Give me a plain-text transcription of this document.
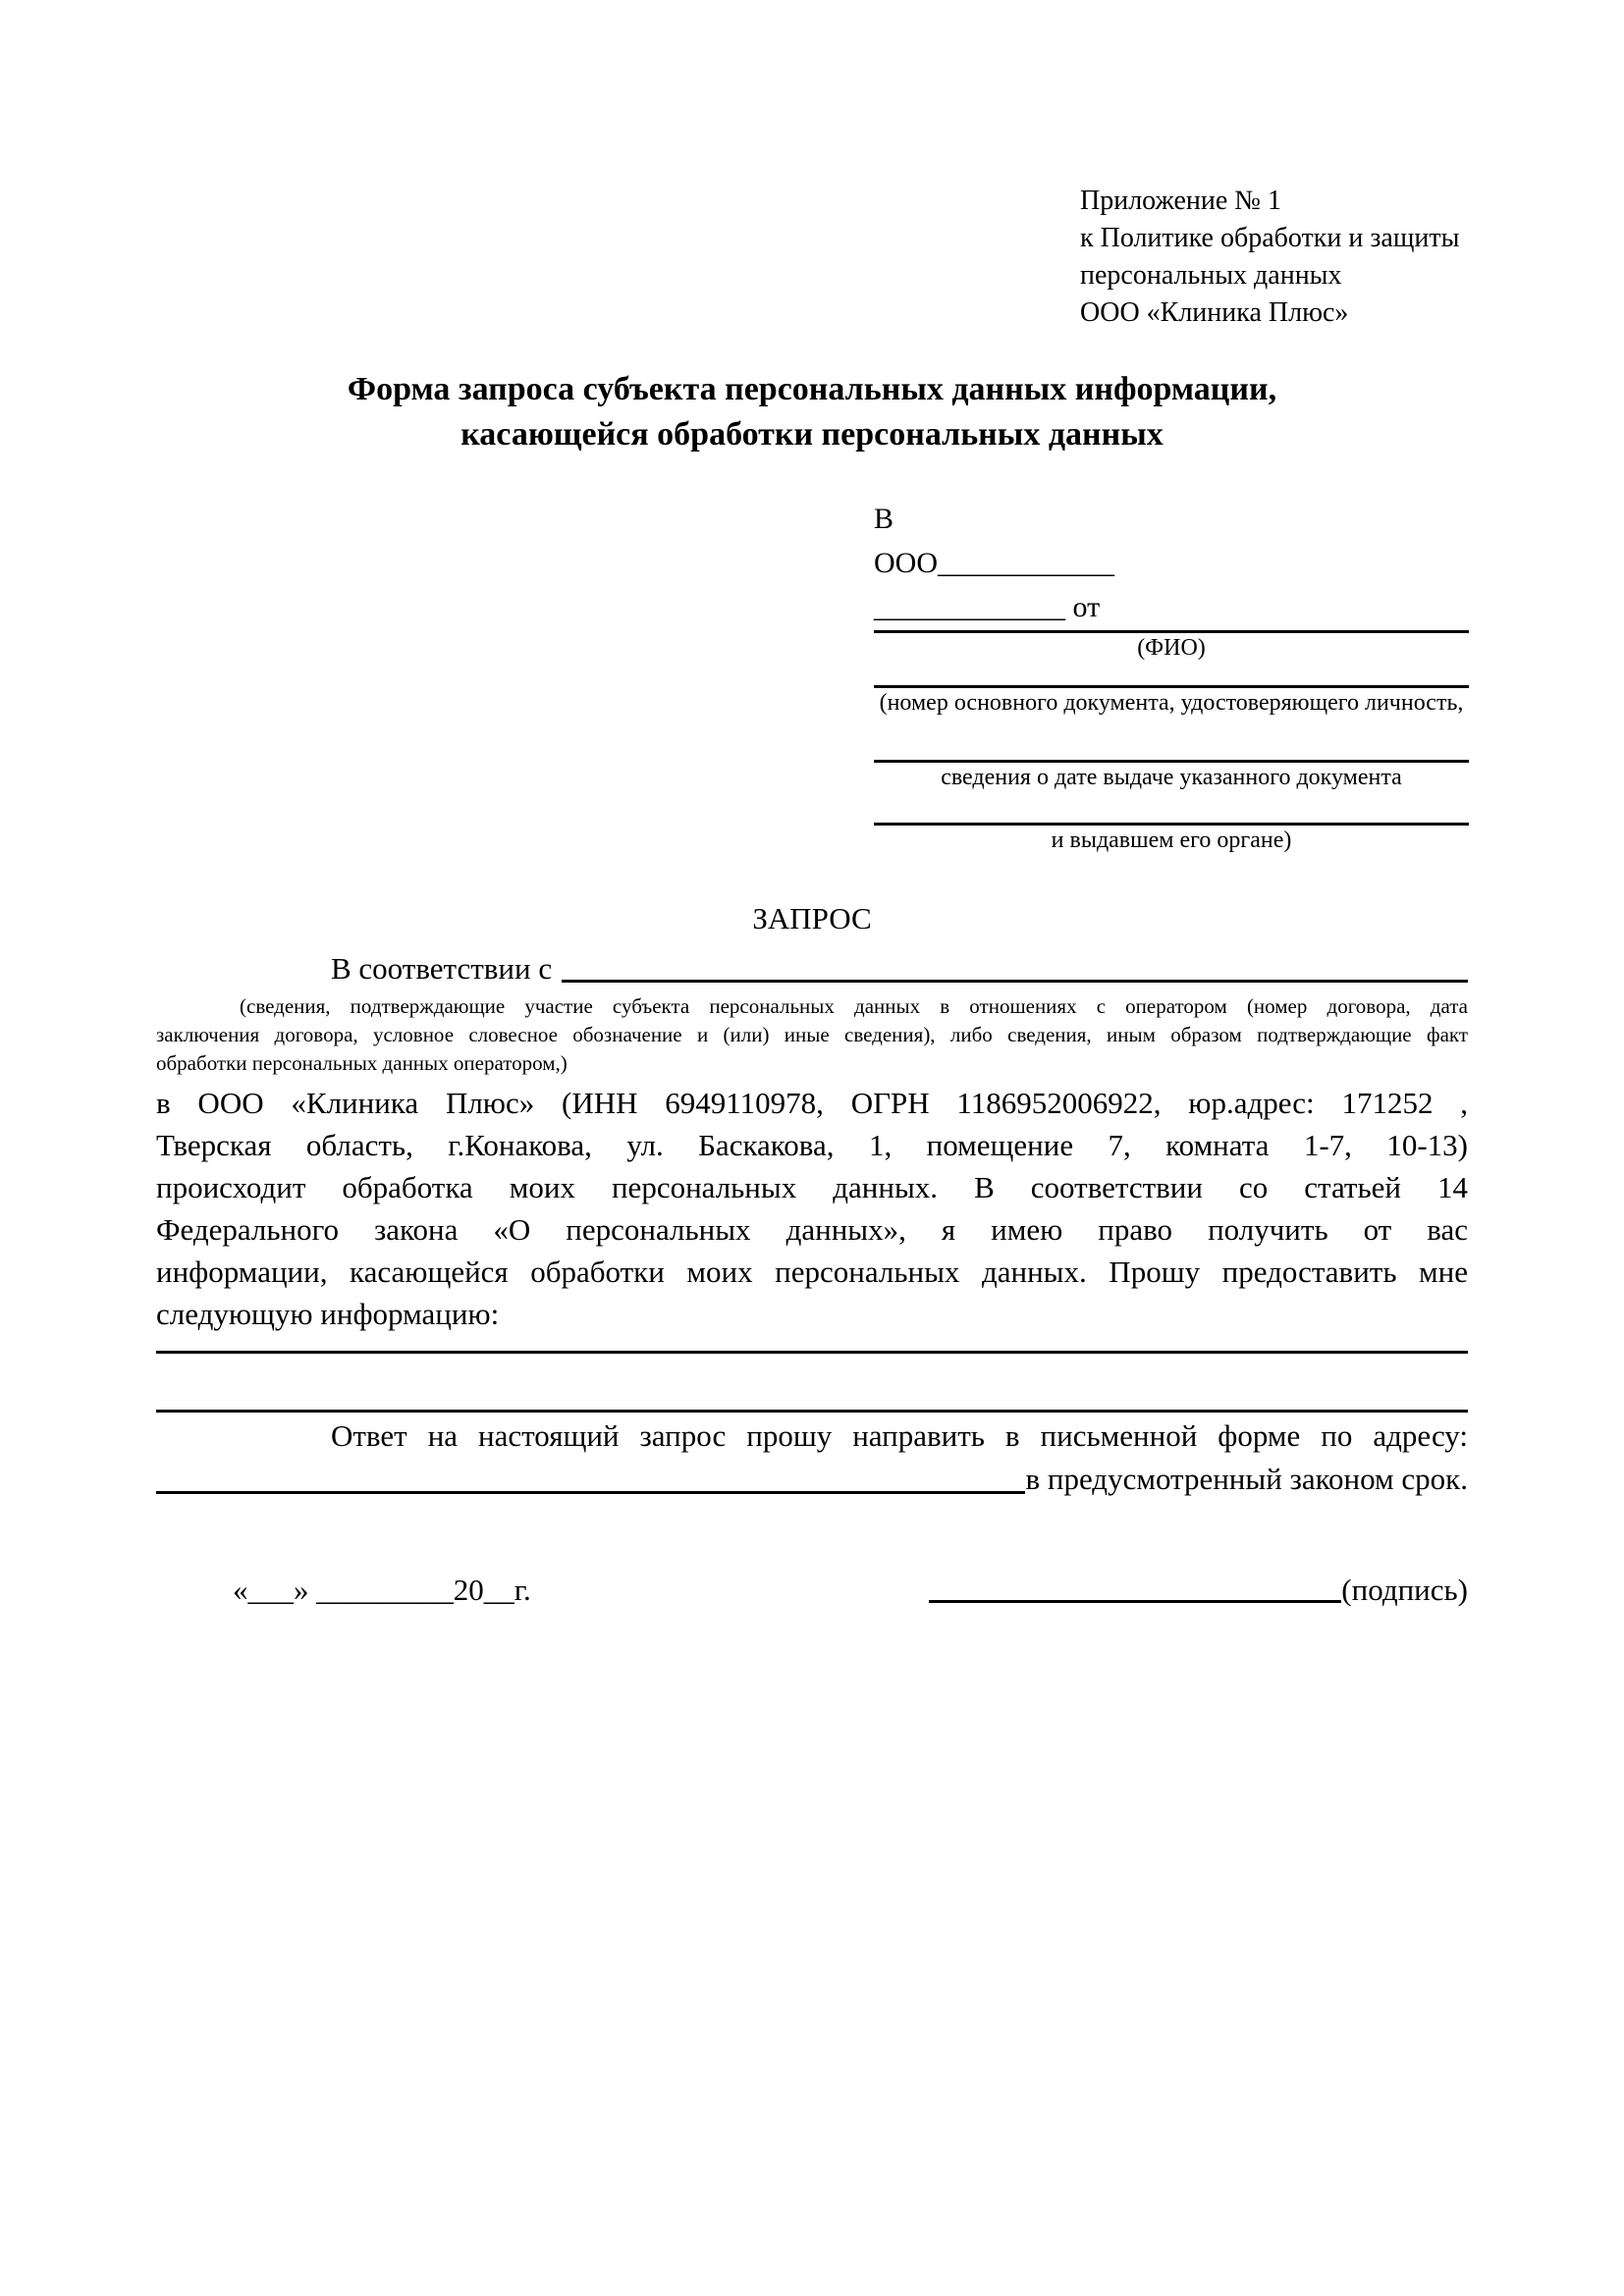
Приложение № 1
к Политике обработки и защиты
персональных данных
ООО «Клиника Плюс»
Форма запроса субъекта персональных данных информации,
касающейся обработки персональных данных
В
ООО____________
_____________ от
(ФИО)
(номер основного документа, удостоверяющего личность,
сведения о дате выдаче указанного документа
и выдавшем его органе)
ЗАПРОС
В соответствии с
(сведения, подтверждающие участие субъекта персональных данных в отношениях с оператором (номер договора, дата
заключения договора, условное словесное обозначение и (или) иные сведения), либо сведения, иным образом подтверждающие факт
обработки персональных данных оператором,)
в ООО «Клиника Плюс» (ИНН 6949110978, ОГРН 1186952006922, юр.адрес: 171252 ,
Тверская область, г.Конакова, ул. Баскакова, 1, помещение 7, комната 1-7, 10-13)
происходит обработка моих персональных данных. В соответствии со статьей 14
Федерального закона «О персональных данных», я имею право получить от вас
информации, касающейся обработки моих персональных данных. Прошу предоставить мне
следующую информацию:
Ответ на настоящий запрос прошу направить в письменной форме по адресу:
в предусмотренный законом срок.
«___» _________20__г.	(подпись)
